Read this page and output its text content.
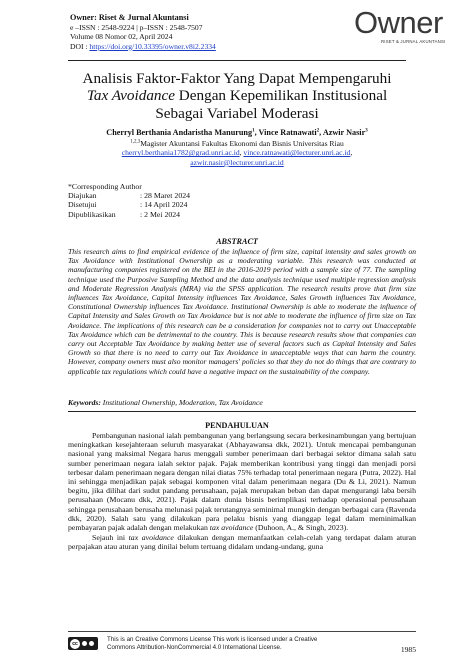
Owner: Riset & Jurnal Akuntansi
e –ISSN : 2548-9224 | p–ISSN : 2548-7507
Volume 08 Nomor 02, April 2024
DOI : https://doi.org/10.33395/owner.v8i2.2334
Owner
RISET & JURNAL AKUNTANSI
Analisis Faktor-Faktor Yang Dapat Mempengaruhi
Tax Avoidance Dengan Kepemilikan Institusional
Sebagai Variabel Moderasi
Cherryl Berthania Andaristha Manurung$^1$, Vince Ratnawati$^2$, Azwir Nasir$^3$
$^{1,2,3}$Magister Akuntansi Fakultas Ekonomi dan Bisnis Universitas Riau
cherryl.berthania1782@grad.unri.ac.id, vince.ratnawati@lecturer.unri.ac.id,
azwir.nasir@lecturer.unri.ac.id
*Corresponding Author
Diajukan	: 28 Maret 2024
Disetujui	: 14 April 2024
Dipublikasikan	: 2 Mei 2024
ABSTRACT
This research aims to find empirical evidence of the influence of firm size, capital intensity and sales growth on Tax Avoidance with Institutional Ownership as a moderating variable. This research was conducted at manufacturing companies registered on the BEI in the 2016-2019 period with a sample size of 77. The sampling technique used the Purposive Sampling Method and the data analysis technique used multiple regression analysis and Moderate Regression Analysis (MRA) via the SPSS application. The research results prove that firm size influences Tax Avoidance, Capital Intensity influences Tax Avoidance, Sales Growth influences Tax Avoidance, Constitutional Ownership influences Tax Avoidance. Institutional Ownership is able to moderate the influence of Capital Intensity and Sales Growth on Tax Avoidance but is not able to moderate the influence of firm size on Tax Avoidance. The implications of this research can be a consideration for companies not to carry out Unacceptable Tax Avoidance which can be detrimental to the country. This is because research results show that companies can carry out Acceptable Tax Avoidance by making better use of several factors such as Capital Intensity and Sales Growth so that there is no need to carry out Tax Avoidance in unacceptable ways that can harm the country. However, company owners must also monitor managers' policies so that they do not do things that are contrary to applicable tax regulations which could have a negative impact on the sustainability of the company.
Keywords: Institutional Ownership, Moderation, Tax Avoidance
PENDAHULUAN

Pembangunan nasional ialah pembangunan yang berlangsung secara berkesinambungan yang bertujuan meningkatkan kesejahteraan seluruh masyarakat (Abhayawansa dkk, 2021). Untuk mencapai pembangunan nasional yang maksimal Negara harus menggali sumber penerimaan dari berbagai sektor dimana salah satu sumber penerimaan negara ialah sektor pajak. Pajak memberikan kontribusi yang tinggi dan menjadi porsi terbesar dalam penerimaan negara dengan nilai diatas 75% terhadap total penerimaan negara (Putra, 2022). Hal ini sehingga menjadikan pajak sebagai komponen vital dalam penerimaan negara (Du & Li, 2021). Namun begitu, jika dilihat dari sudut pandang perusahaan, pajak merupakan beban dan dapat mengurangi laba bersih perusahaan (Mocanu dkk, 2021). Pajak dalam dunia bisnis berimplikasi terhadap operasional perusahaan sehingga perusahaan berusaha melunasi pajak terutangnya seminimal mungkin dengan berbagai cara (Ravenda dkk, 2020). Salah satu yang dilakukan para pelaku bisnis yang dianggap legal dalam meminimalkan pembayaran pajak adalah dengan melakukan tax avoidance (Duhoon, A., & Singh, 2023).

Sejauh ini tax avoidance dilakukan dengan memanfaatkan celah-celah yang terdapat dalam aturan perpajakan atau aturan yang dinilai belum tertuang didalam undang-undang, guna

cc
This is an Creative Commons License This work is licensed under a Creative
Commons Attribution-NonCommercial 4.0 International License.	1985
